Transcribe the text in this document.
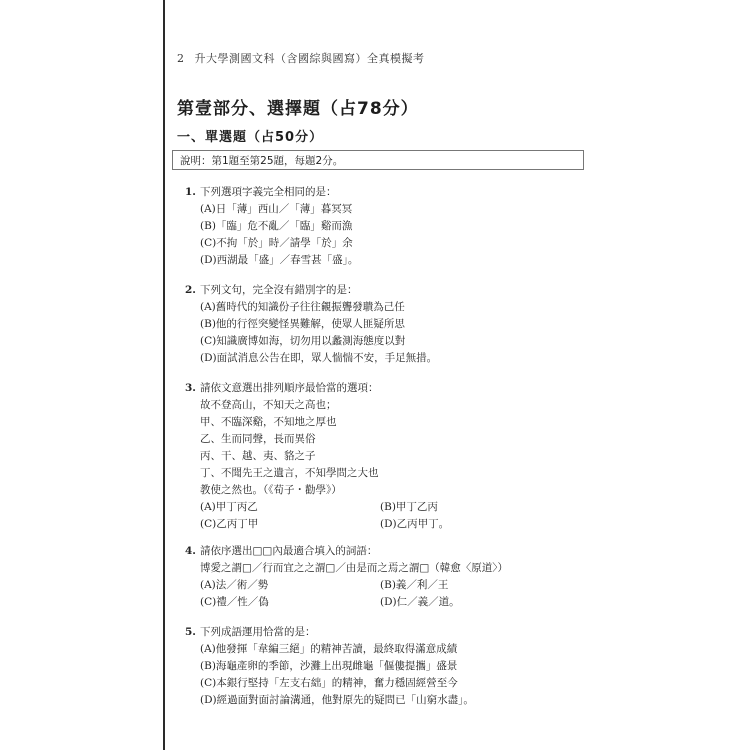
2 升大學測國文科（含國綜與國寫）全真模擬考
第壹部分、選擇題（占78分）
一、單選題（占50分）
說明：第1題至第25題，每題2分。
1. 下列選項字義完全相同的是：
(A)日「薄」西山／「薄」暮冥冥
(B)「臨」危不亂／「臨」谿而漁
(C)不拘「於」時／請學「於」余
(D)西湖最「盛」／春雪甚「盛」。
2. 下列文句，完全沒有錯別字的是：
(A)舊時代的知識份子往往覦振聾發聵為己任
(B)他的行徑突變怪異難解，使眾人匪疑所思
(C)知識廣博如海，切勿用以蠡測海態度以對
(D)面試消息公告在即，眾人惴惴不安，手足無措。
3. 請依文意選出排列順序最恰當的選項：
故不登高山，不知天之高也；
甲、不臨深谿，不知地之厚也
乙、生而同聲，長而異俗
丙、干、越、夷、貉之子
丁、不聞先王之遺言，不知學問之大也
教使之然也。（《荀子・勸學》）
(A)甲丁丙乙	(B)甲丁乙丙
(C)乙丙丁甲	(D)乙丙甲丁。
4. 請依序選出□□內最適合填入的詞語：
博愛之謂□／行而宜之之謂□／由是而之焉之謂□（韓愈〈原道〉）
(A)法／術／勢	(B)義／利／王
(C)禮／性／偽	(D)仁／義／道。
5. 下列成語運用恰當的是：
(A)他發揮「韋編三絕」的精神苦讀，最終取得滿意成績
(B)海龜產卵的季節，沙灘上出現雌龜「傴僂提攜」盛景
(C)本銀行堅持「左支右絀」的精神，奮力穩固經營至今
(D)經過面對面討論溝通，他對原先的疑問已「山窮水盡」。
